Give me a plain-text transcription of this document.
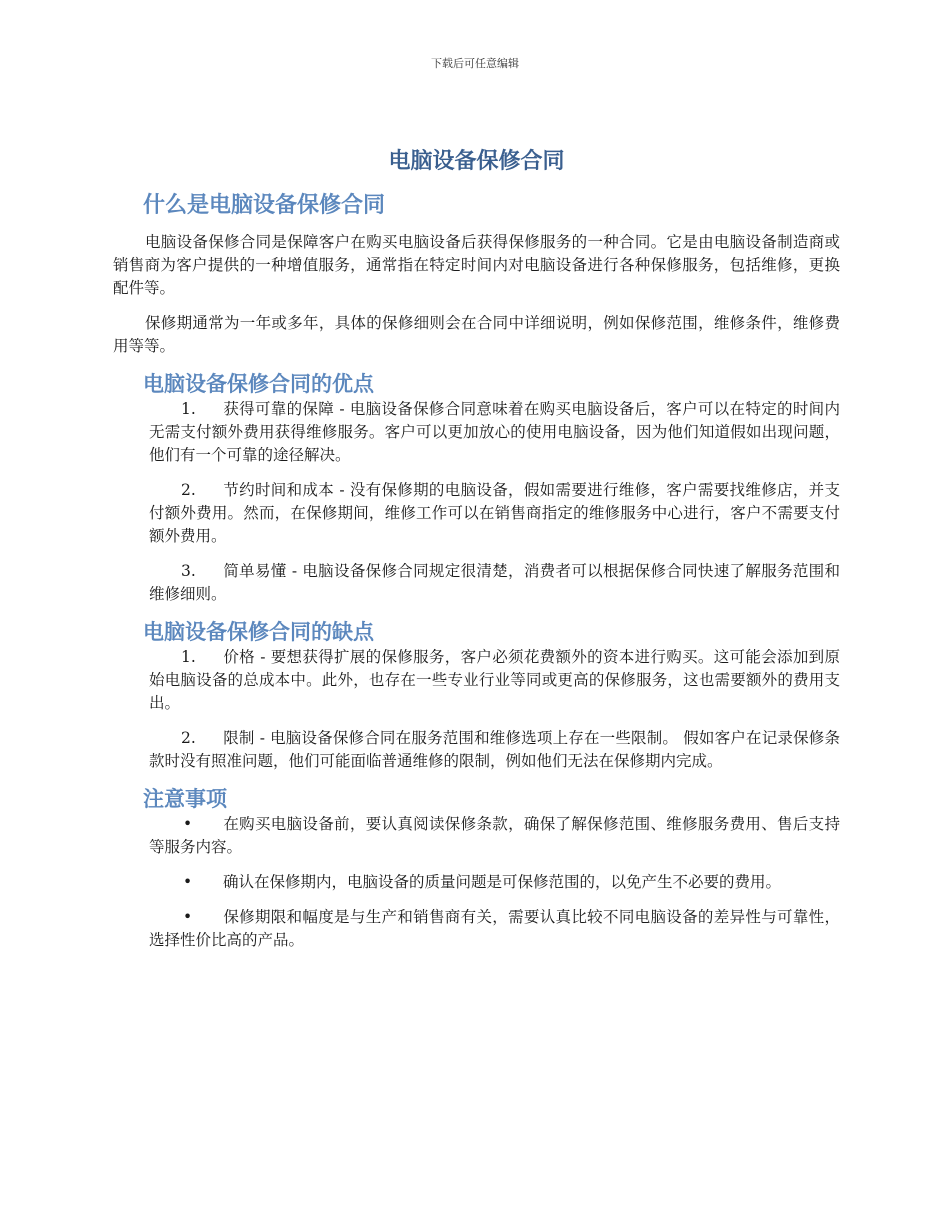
下载后可任意编辑
电脑设备保修合同
什么是电脑设备保修合同

电脑设备保修合同是保障客户在购买电脑设备后获得保修服务的一种合同。它是由电脑设备制造商或销售商为客户提供的一种增值服务，通常指在特定时间内对电脑设备进行各种保修服务，包括维修，更换配件等。

保修期通常为一年或多年，具体的保修细则会在合同中详细说明，例如保修范围，维修条件，维修费用等等。

电脑设备保修合同的优点
1. 获得可靠的保障 - 电脑设备保修合同意味着在购买电脑设备后，客户可以在特定的时间内无需支付额外费用获得维修服务。客户可以更加放心的使用电脑设备，因为他们知道假如出现问题，他们有一个可靠的途径解决。
2. 节约时间和成本 - 没有保修期的电脑设备，假如需要进行维修，客户需要找维修店，并支付额外费用。然而，在保修期间，维修工作可以在销售商指定的维修服务中心进行，客户不需要支付额外费用。
3. 简单易懂 - 电脑设备保修合同规定很清楚，消费者可以根据保修合同快速了解服务范围和维修细则。
电脑设备保修合同的缺点
1. 价格 - 要想获得扩展的保修服务，客户必须花费额外的资本进行购买。这可能会添加到原始电脑设备的总成本中。此外，也存在一些专业行业等同或更高的保修服务，这也需要额外的费用支出。
2. 限制 - 电脑设备保修合同在服务范围和维修选项上存在一些限制。 假如客户在记录保修条款时没有照准问题，他们可能面临普通维修的限制，例如他们无法在保修期内完成。
注意事项
• 在购买电脑设备前，要认真阅读保修条款，确保了解保修范围、维修服务费用、售后支持等服务内容。
• 确认在保修期内，电脑设备的质量问题是可保修范围的，以免产生不必要的费用。
• 保修期限和幅度是与生产和销售商有关，需要认真比较不同电脑设备的差异性与可靠性，选择性价比高的产品。
